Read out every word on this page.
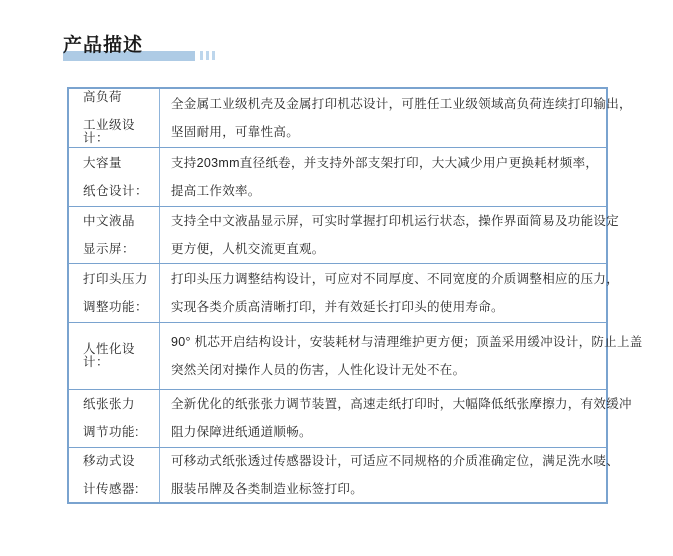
产品描述
高负荷
工业级设计：
全金属工业级机壳及金属打印机芯设计，可胜任工业级领域高负荷连续打印输出，
坚固耐用，可靠性高。
大容量
纸仓设计：
支持203mm直径纸卷，并支持外部支架打印，大大减少用户更换耗材频率，
提高工作效率。
中文液晶
显示屏：
支持全中文液晶显示屏，可实时掌握打印机运行状态，操作界面简易及功能设定
更方便，人机交流更直观。
打印头压力
调整功能：
打印头压力调整结构设计，可应对不同厚度、不同宽度的介质调整相应的压力，
实现各类介质高清晰打印，并有效延长打印头的使用寿命。
人性化设计：
90° 机芯开启结构设计，安装耗材与清理维护更方便；顶盖采用缓冲设计，防止上盖
突然关闭对操作人员的伤害，人性化设计无处不在。
纸张张力
调节功能:
全新优化的纸张张力调节装置，高速走纸打印时，大幅降低纸张摩擦力，有效缓冲
阻力保障进纸通道顺畅。
移动式设
计传感器:
可移动式纸张透过传感器设计，可适应不同规格的介质准确定位，满足洗水唛、
服装吊牌及各类制造业标签打印。
